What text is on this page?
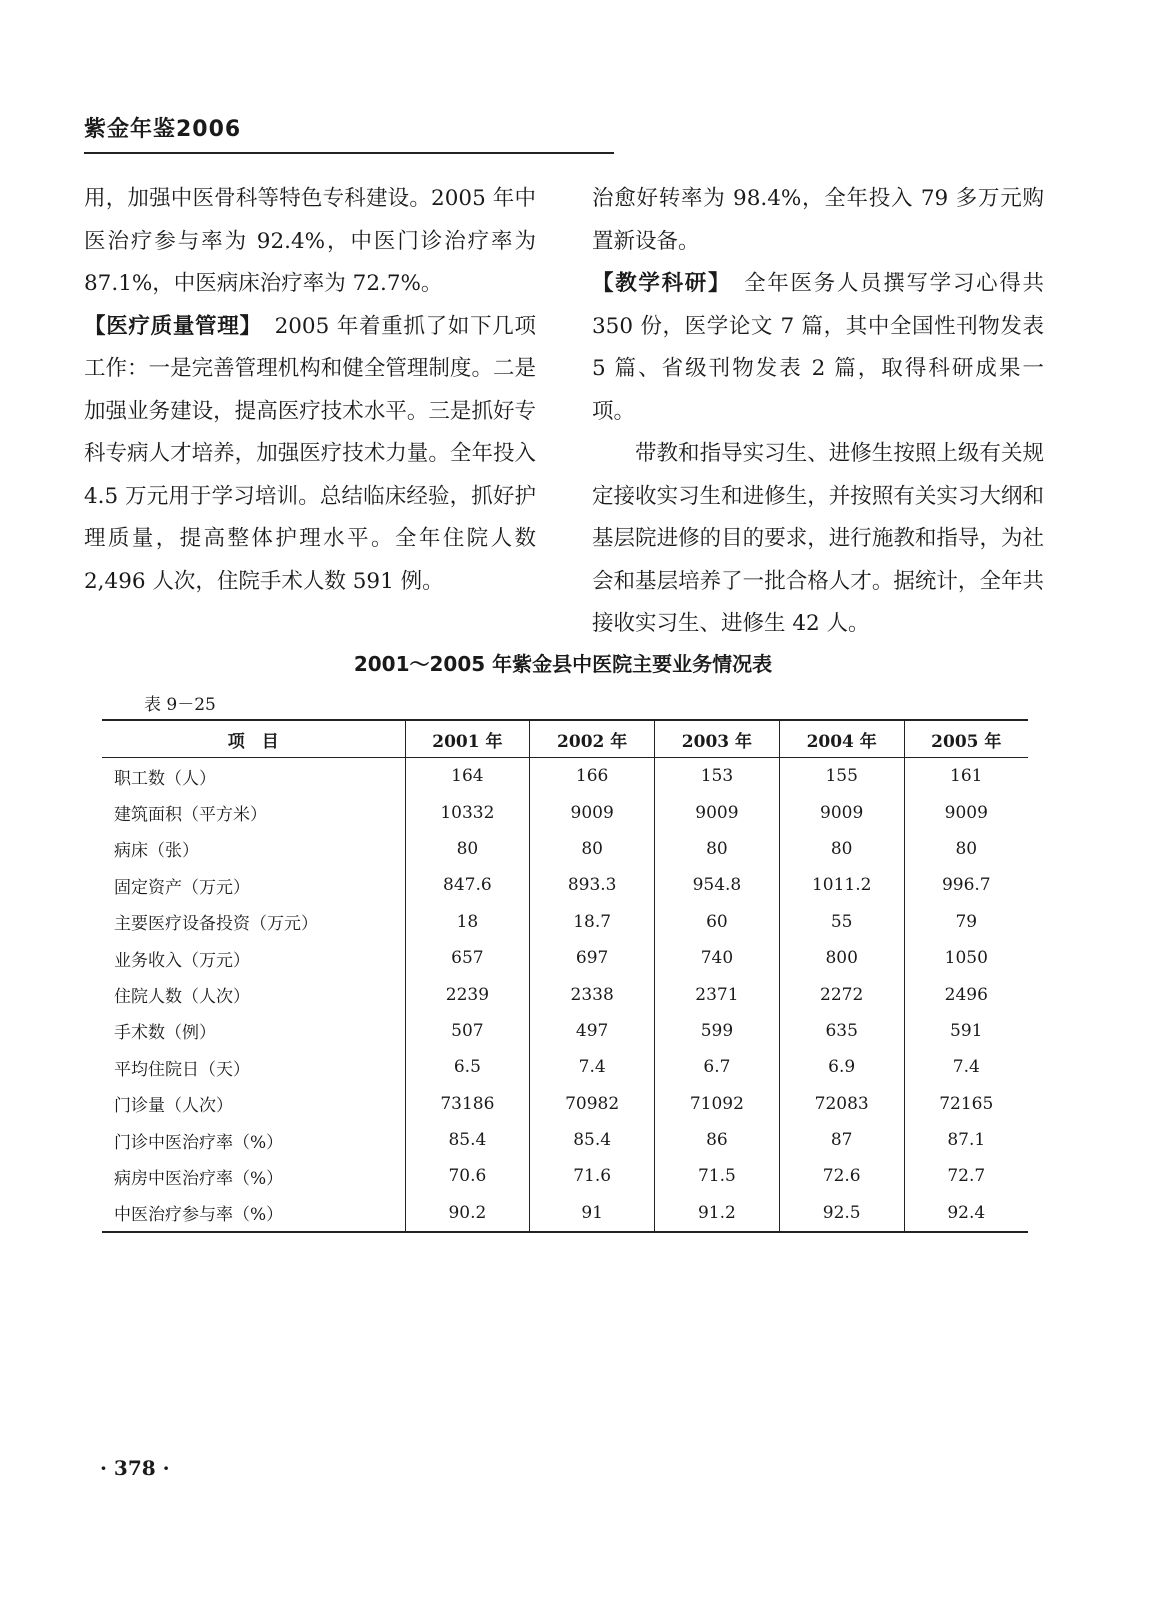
紫金年鉴2006

用，加强中医骨科等特色专科建设。2005 年中医治疗参与率为 92.4%，中医门诊治疗率为 87.1%，中医病床治疗率为 72.7%。

【医疗质量管理】 2005 年着重抓了如下几项工作：一是完善管理机构和健全管理制度。二是加强业务建设，提高医疗技术水平。三是抓好专科专病人才培养，加强医疗技术力量。全年投入 4.5 万元用于学习培训。总结临床经验，抓好护理质量，提高整体护理水平。全年住院人数 2,496 人次，住院手术人数 591 例。

治愈好转率为 98.4%，全年投入 79 多万元购置新设备。

【教学科研】 全年医务人员撰写学习心得共 350 份，医学论文 7 篇，其中全国性刊物发表 5 篇、省级刊物发表 2 篇，取得科研成果一项。

带教和指导实习生、进修生按照上级有关规定接收实习生和进修生，并按照有关实习大纲和基层院进修的目的要求，进行施教和指导，为社会和基层培养了一批合格人才。据统计，全年共接收实习生、进修生 42 人。

2001～2005 年紫金县中医院主要业务情况表
表 9－25
项　目	2001 年	2002 年	2003 年	2004 年	2005 年
职工数（人）	164	166	153	155	161
建筑面积（平方米）	10332	9009	9009	9009	9009
病床（张）	80	80	80	80	80
固定资产（万元）	847.6	893.3	954.8	1011.2	996.7
主要医疗设备投资（万元）	18	18.7	60	55	79
业务收入（万元）	657	697	740	800	1050
住院人数（人次）	2239	2338	2371	2272	2496
手术数（例）	507	497	599	635	591
平均住院日（天）	6.5	7.4	6.7	6.9	7.4
门诊量（人次）	73186	70982	71092	72083	72165
门诊中医治疗率（%）	85.4	85.4	86	87	87.1
病房中医治疗率（%）	70.6	71.6	71.5	72.6	72.7
中医治疗参与率（%）	90.2	91	91.2	92.5	92.4
· 378 ·
